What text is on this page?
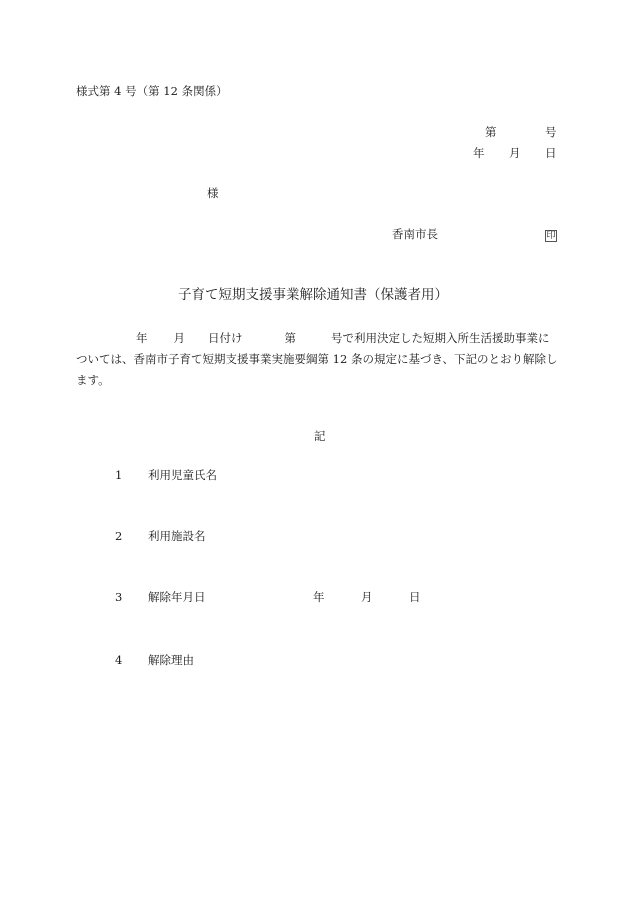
様式第 4 号（第 12 条関係）
第	号
年 月 日
様
香南市長	印
子育て短期支援事業解除通知書（保護者用）
年 月 日付け	第	号で利用決定した短期入所生活援助事業に
ついては、香南市子育て短期支援事業実施要綱第 12 条の規定に基づき、下記のとおり解除し
ます。
記
1 利用児童氏名
2 利用施設名
3 解除年月日	年	月	日
4 解除理由
